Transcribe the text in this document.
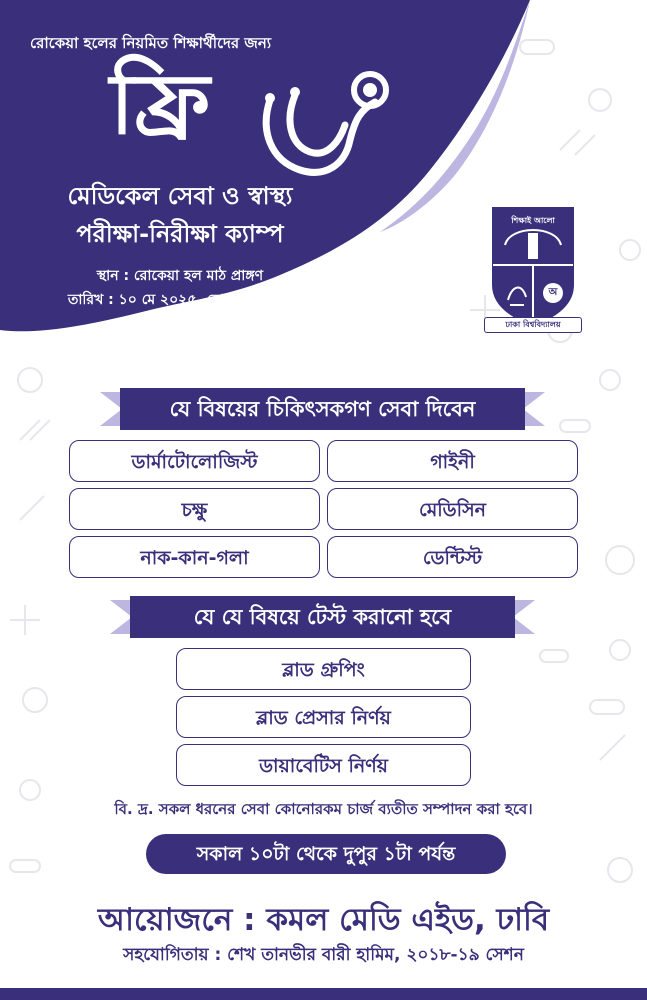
রোকেয়া হলের নিয়মিত শিক্ষার্থীদের জন্য
ফ্রি
মেডিকেল সেবা ও স্বাস্থ্য
পরীক্ষা-নিরীক্ষা ক্যাম্প
স্থান : রোকেয়া হল মাঠ প্রাঙ্গণ
তারিখ : ১০ মে ২০২৫, রোজ : শনিবার
শিক্ষাই আলো
অ
ঢাকা বিশ্ববিদ্যালয়
যে বিষয়ের চিকিৎসকগণ সেবা দিবেন
ডার্মাটোলোজিস্ট	গাইনী
চক্ষু	মেডিসিন
নাক-কান-গলা	ডেন্টিস্ট
যে যে বিষয়ে টেস্ট করানো হবে
ব্লাড গ্রুপিং
ব্লাড প্রেসার নির্ণয়
ডায়াবেটিস নির্ণয়
বি. দ্র. সকল ধরনের সেবা কোনোরকম চার্জ ব্যতীত সম্পাদন করা হবে।
সকাল ১০টা থেকে দুপুর ১টা পর্যন্ত
আয়োজনে : কমল মেডি এইড, ঢাবি
সহযোগিতায় : শেখ তানভীর বারী হামিম, ২০১৮-১৯ সেশন
